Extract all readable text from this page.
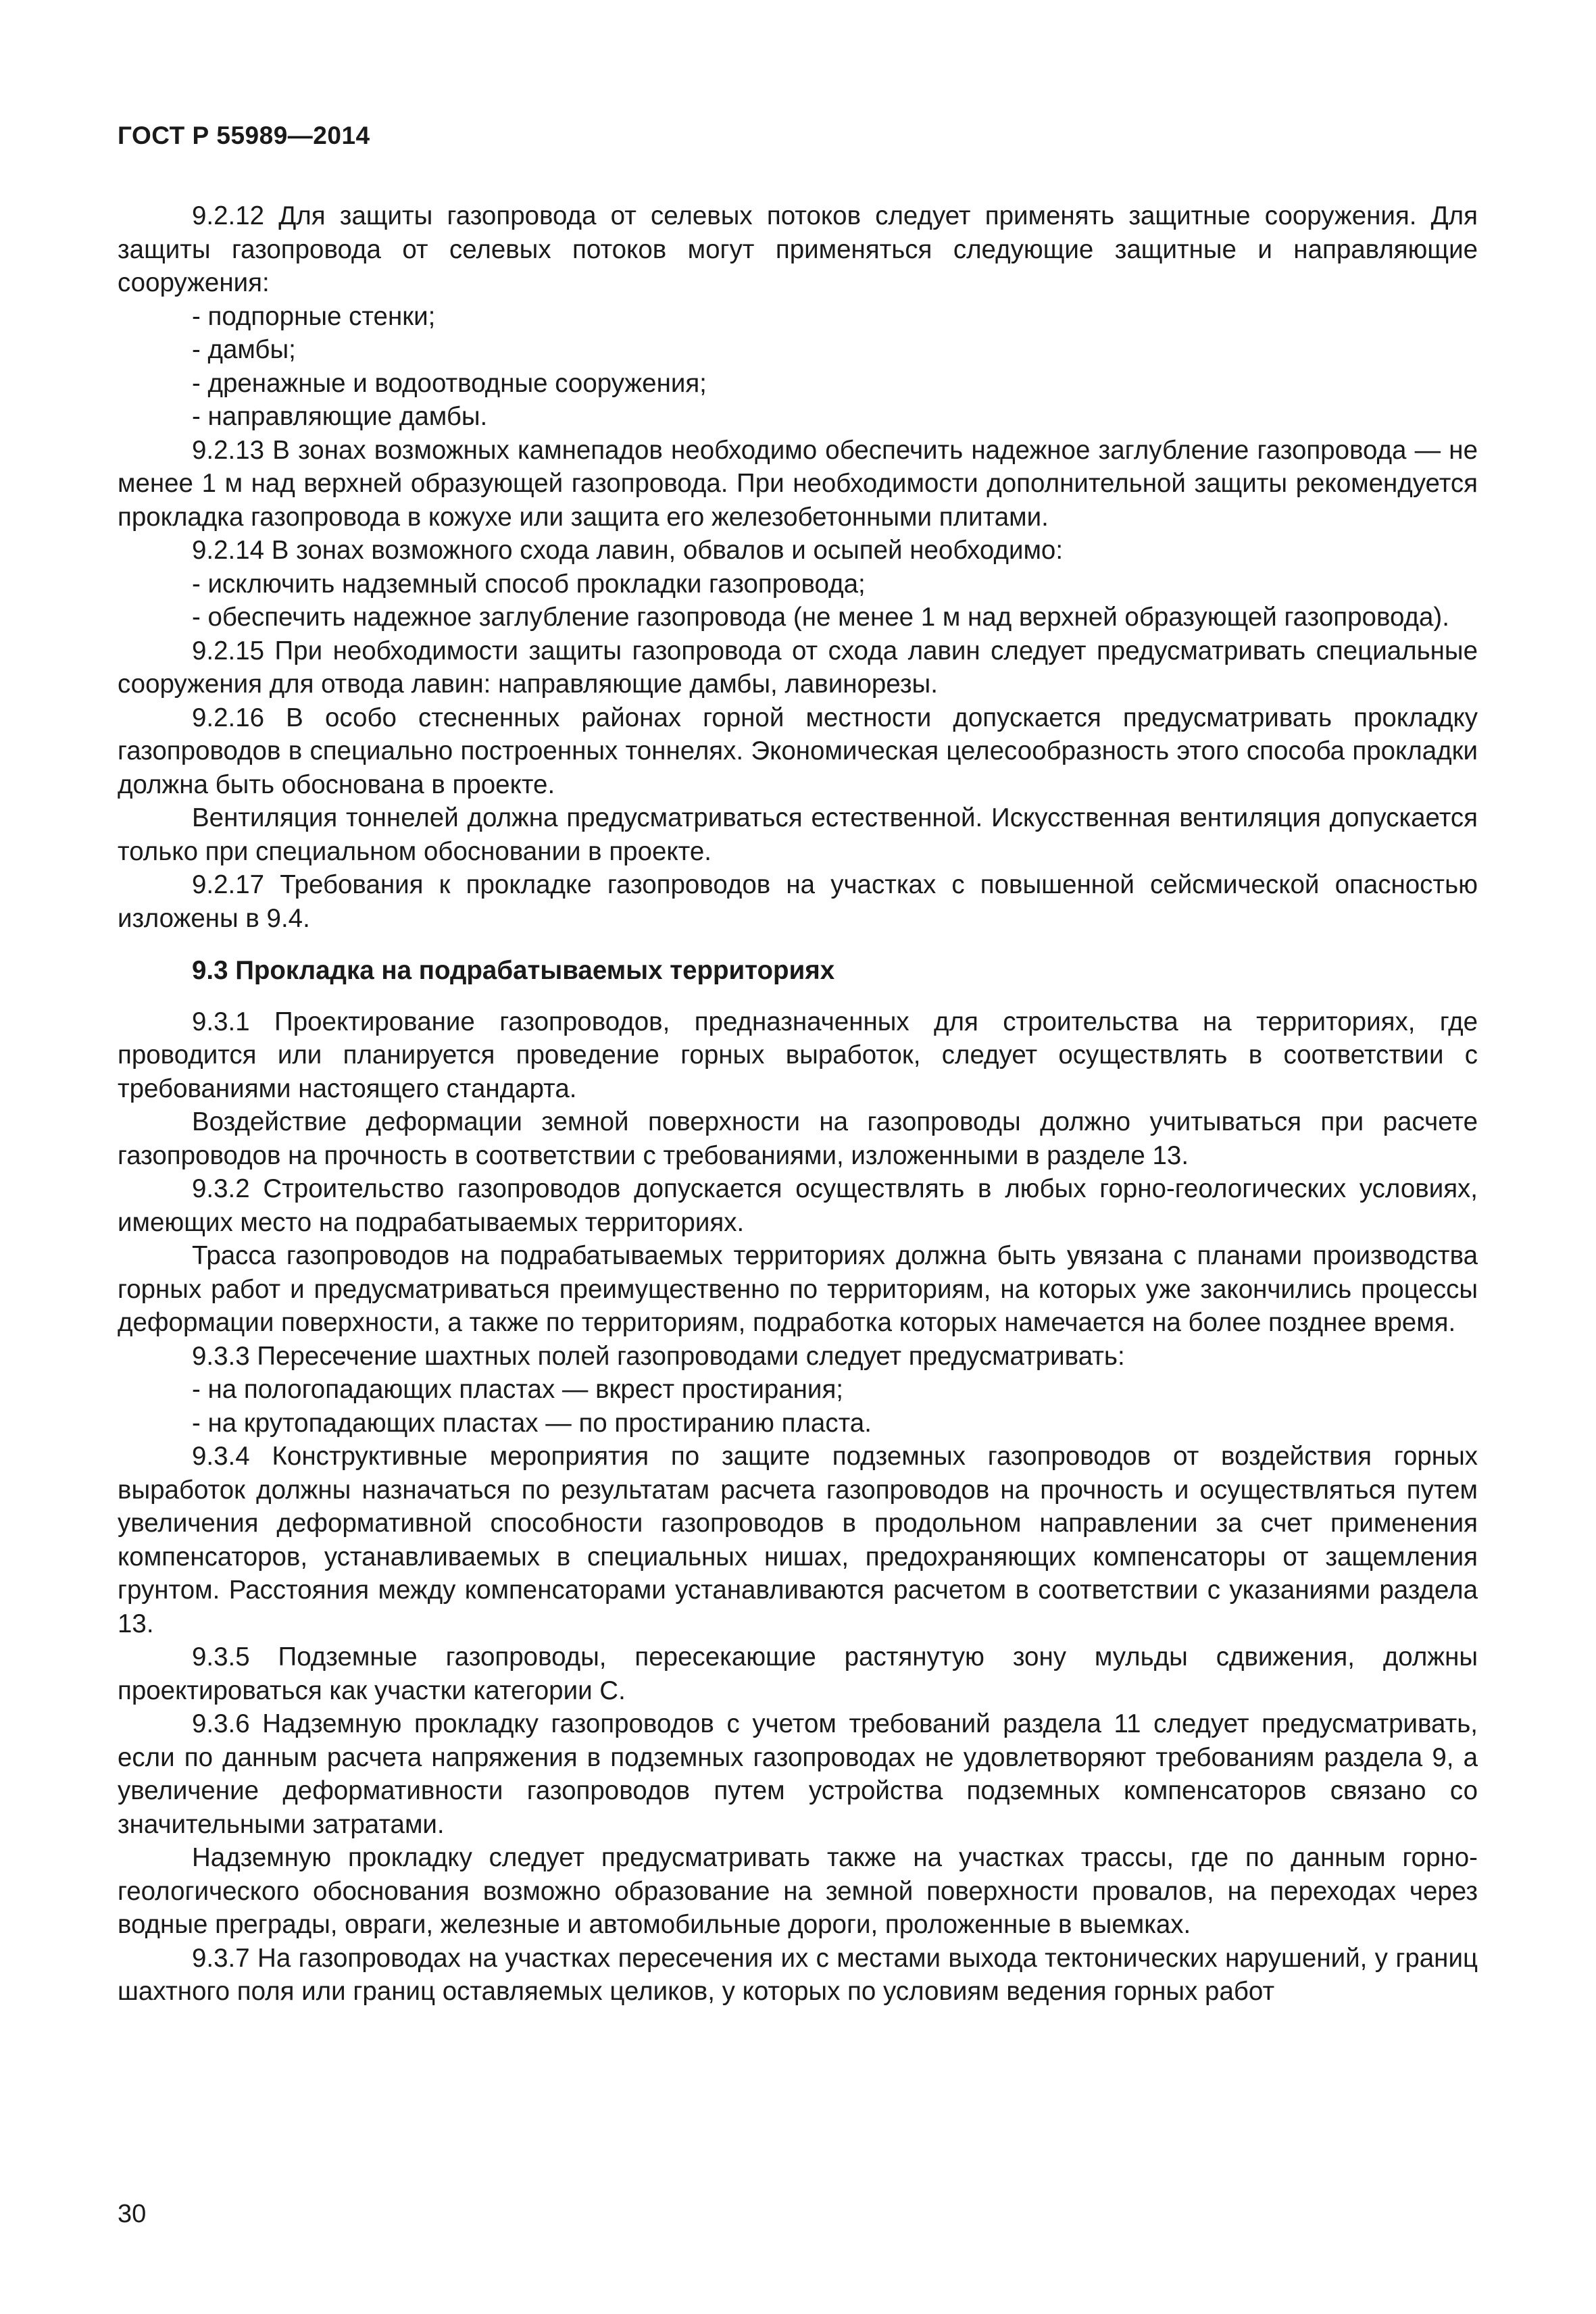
ГОСТ Р 55989—2014

9.2.12 Для защиты газопровода от селевых потоков следует применять защитные сооружения. Для защиты газопровода от селевых потоков могут применяться следующие защитные и направляющие сооружения:

- подпорные стенки;

- дамбы;

- дренажные и водоотводные сооружения;

- направляющие дамбы.

9.2.13 В зонах возможных камнепадов необходимо обеспечить надежное заглубление газопровода — не менее 1 м над верхней образующей газопровода. При необходимости дополнительной защиты рекомендуется прокладка газопровода в кожухе или защита его железобетонными плитами.

9.2.14 В зонах возможного схода лавин, обвалов и осыпей необходимо:

- исключить надземный способ прокладки газопровода;

- обеспечить надежное заглубление газопровода (не менее 1 м над верхней образующей газопровода).

9.2.15 При необходимости защиты газопровода от схода лавин следует предусматривать специальные сооружения для отвода лавин: направляющие дамбы, лавинорезы.

9.2.16 В особо стесненных районах горной местности допускается предусматривать прокладку газопроводов в специально построенных тоннелях. Экономическая целесообразность этого способа прокладки должна быть обоснована в проекте.

Вентиляция тоннелей должна предусматриваться естественной. Искусственная вентиляция допускается только при специальном обосновании в проекте.

9.2.17 Требования к прокладке газопроводов на участках с повышенной сейсмической опасностью изложены в 9.4.

9.3 Прокладка на подрабатываемых территориях

9.3.1 Проектирование газопроводов, предназначенных для строительства на территориях, где проводится или планируется проведение горных выработок, следует осуществлять в соответствии с требованиями настоящего стандарта.

Воздействие деформации земной поверхности на газопроводы должно учитываться при расчете газопроводов на прочность в соответствии с требованиями, изложенными в разделе 13.

9.3.2 Строительство газопроводов допускается осуществлять в любых горно-геологических условиях, имеющих место на подрабатываемых территориях.

Трасса газопроводов на подрабатываемых территориях должна быть увязана с планами производства горных работ и предусматриваться преимущественно по территориям, на которых уже закончились процессы деформации поверхности, а также по территориям, подработка которых намечается на более позднее время.

9.3.3 Пересечение шахтных полей газопроводами следует предусматривать:

- на пологопадающих пластах — вкрест простирания;

- на крутопадающих пластах — по простиранию пласта.

9.3.4 Конструктивные мероприятия по защите подземных газопроводов от воздействия горных выработок должны назначаться по результатам расчета газопроводов на прочность и осуществляться путем увеличения деформативной способности газопроводов в продольном направлении за счет применения компенсаторов, устанавливаемых в специальных нишах, предохраняющих компенсаторы от защемления грунтом. Расстояния между компенсаторами устанавливаются расчетом в соответствии с указаниями раздела 13.

9.3.5 Подземные газопроводы, пересекающие растянутую зону мульды сдвижения, должны проектироваться как участки категории С.

9.3.6 Надземную прокладку газопроводов с учетом требований раздела 11 следует предусматривать, если по данным расчета напряжения в подземных газопроводах не удовлетворяют требованиям раздела 9, а увеличение деформативности газопроводов путем устройства подземных компенсаторов связано со значительными затратами.

Надземную прокладку следует предусматривать также на участках трассы, где по данным горно-геологического обоснования возможно образование на земной поверхности провалов, на переходах через водные преграды, овраги, железные и автомобильные дороги, проложенные в выемках.

9.3.7 На газопроводах на участках пересечения их с местами выхода тектонических нарушений, у границ шахтного поля или границ оставляемых целиков, у которых по условиям ведения горных работ

30
